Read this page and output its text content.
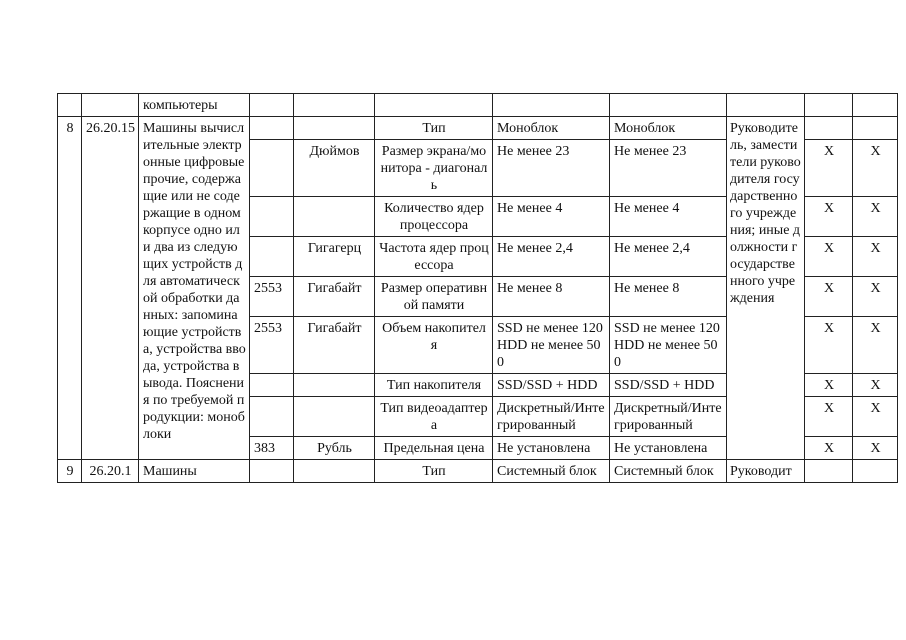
		компьютеры								
8	26.20.15	Машины вычислительные электронные цифровые прочие, содержащие или не содержащие в одном корпусе одно или два из следующих устройств для автоматической обработки данных: запоминающие устройства, устройства ввода, устройства вывода. Пояснения по требуемой продукции: моноблоки			Тип	Моноблок	Моноблок	Руководитель, заместители руководителя государственного учреждения; иные должности государственного учреждения		
				Дюймов	Размер экрана/монитора - диагональ	Не менее 23	Не менее 23		Х	Х
					Количество ядер процессора	Не менее 4	Не менее 4		Х	Х
				Гигагерц	Частота ядер процессора	Не менее 2,4	Не менее 2,4		Х	Х
			2553	Гигабайт	Размер оперативной памяти	Не менее 8	Не менее 8		Х	Х
			2553	Гигабайт	Объем накопителя	SSD не менее 120 HDD не менее 500	SSD не менее 120 HDD не менее 500		Х	Х
					Тип накопителя	SSD/SSD + HDD	SSD/SSD + HDD		Х	Х
					Тип видеоадаптера	Дискретный/Интегрированный	Дискретный/Интегрированный		Х	Х
			383	Рубль	Предельная цена	Не установлена	Не установлена		Х	Х
9	26.20.1	Машины			Тип	Системный блок	Системный блок	Руководит		
